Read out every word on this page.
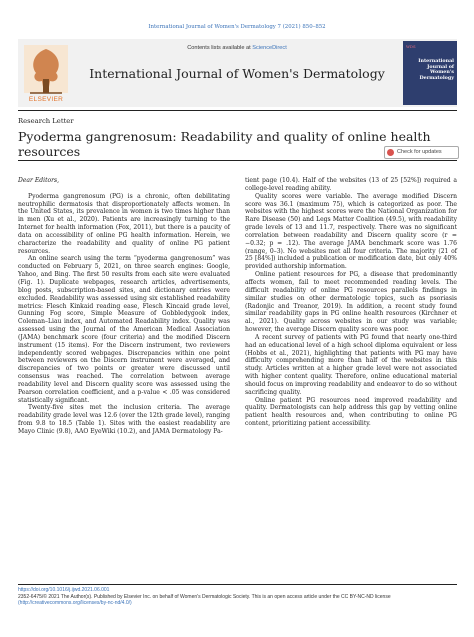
International Journal of Women's Dermatology 7 (2021) 850–852
ELSEVIER
Contents lists available at ScienceDirect
International Journal of Women's Dermatology
WDS
International Journal of Women's Dermatology
Research Letter
Pyoderma gangrenosum: Readability and quality of online health resources	Check for updates

Dear Editors,

Pyoderma gangrenosum (PG) is a chronic, often debilitating neutrophilic dermatosis that disproportionately affects women. In the United States, its prevalence in women is two times higher than in men (Xu et al., 2020). Patients are increasingly turning to the Internet for health information (Fox, 2011), but there is a paucity of data on accessibility of online PG health information. Herein, we characterize the readability and quality of online PG patient resources.

An online search using the term “pyoderma gangrenosum” was conducted on February 5, 2021, on three search engines: Google, Yahoo, and Bing. The first 50 results from each site were evaluated (Fig. 1). Duplicate webpages, research articles, advertisements, blog posts, subscription-based sites, and dictionary entries were excluded. Readability was assessed using six established readability metrics: Flesch Kinkaid reading ease, Flesch Kincaid grade level, Gunning Fog score, Simple Measure of Gobbledygook index, Coleman–Liau index, and Automated Readability index. Quality was assessed using the Journal of the American Medical Association (JAMA) benchmark score (four criteria) and the modified Discern instrument (15 items). For the Discern instrument, two reviewers independently scored webpages. Discrepancies within one point between reviewers on the Discern instrument were averaged, and discrepancies of two points or greater were discussed until consensus was reached. The correlation between average readability level and Discern quality score was assessed using the Pearson correlation coefficient, and a p-value < .05 was considered statistically significant.

Twenty-five sites met the inclusion criteria. The average readability grade level was 12.6 (over the 12th grade level), ranging from 9.8 to 18.5 (Table 1). Sites with the easiest readability are Mayo Clinic (9.8), AAO EyeWiki (10.2), and JAMA Dermatology Pa-

tient page (10.4). Half of the websites (13 of 25 [52%]) required a college-level reading ability.

Quality scores were variable. The average modified Discern score was 36.1 (maximum 75), which is categorized as poor. The websites with the highest scores were the National Organization for Rare Disease (50) and Legs Matter Coalition (49.5), with readability grade levels of 13 and 11.7, respectively. There was no significant correlation between readability and Discern quality score (r = −0.32; p = .12). The average JAMA benchmark score was 1.76 (range, 0–3). No websites met all four criteria. The majority (21 of 25 [84%]) included a publication or modification date, but only 40% provided authorship information.

Online patient resources for PG, a disease that predominantly affects women, fail to meet recommended reading levels. The difficult readability of online PG resources parallels findings in similar studies on other dermatologic topics, such as psoriasis (Radonjic and Treanor, 2019). In addition, a recent study found similar readability gaps in PG online health resources (Kirchner et al., 2021). Quality across websites in our study was variable; however, the average Discern quality score was poor.

A recent survey of patients with PG found that nearly one-third had an educational level of a high school diploma equivalent or less (Hobbs et al., 2021), highlighting that patients with PG may have difficulty comprehending more than half of the websites in this study. Articles written at a higher grade level were not associated with higher content quality. Therefore, online educational material should focus on improving readability and endeavor to do so without sacrificing quality.

Online patient PG resources need improved readability and quality. Dermatologists can help address this gap by vetting online patient health resources and, when contributing to online PG content, prioritizing patient accessibility.

https://doi.org/10.1016/j.ijwd.2021.06.001
2352-6475/© 2021 The Author(s). Published by Elsevier Inc. on behalf of Women's Dermatologic Society. This is an open access article under the CC BY-NC-ND license (http://creativecommons.org/licenses/by-nc-nd/4.0/)
